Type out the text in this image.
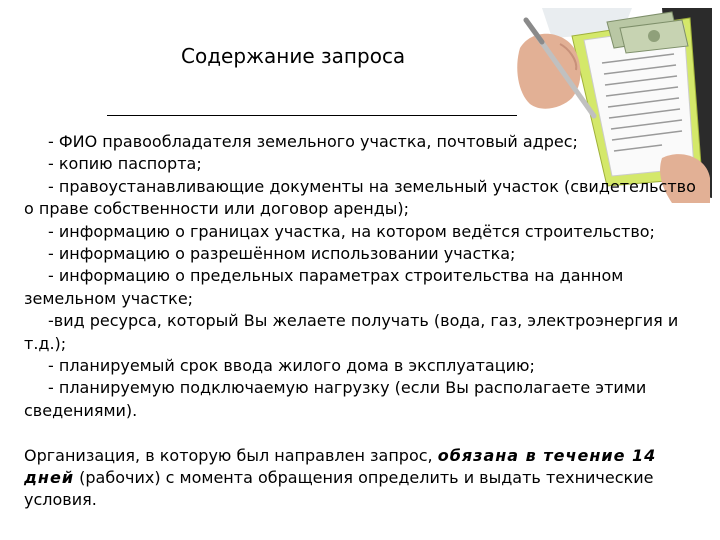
Содержание запроса

- ФИО правообладателя земельного участка, почтовый адрес;

- копию паспорта;

- правоустанавливающие документы на земельный участок (свидетельство о праве собственности или договор аренды);

- информацию о границах участка, на котором ведётся строительство;

- информацию о разрешённом использовании участка;

- информацию о предельных параметрах строительства на данном земельном участке;

-вид ресурса, который Вы желаете получать (вода, газ, электроэнергия и т.д.);

- планируемый срок ввода жилого дома в эксплуатацию;

- планируемую подключаемую нагрузку (если Вы располагаете этими сведениями).

Организация, в которую был направлен запрос, обязана в течение 14 дней (рабочих) с момента обращения определить и выдать технические условия.
